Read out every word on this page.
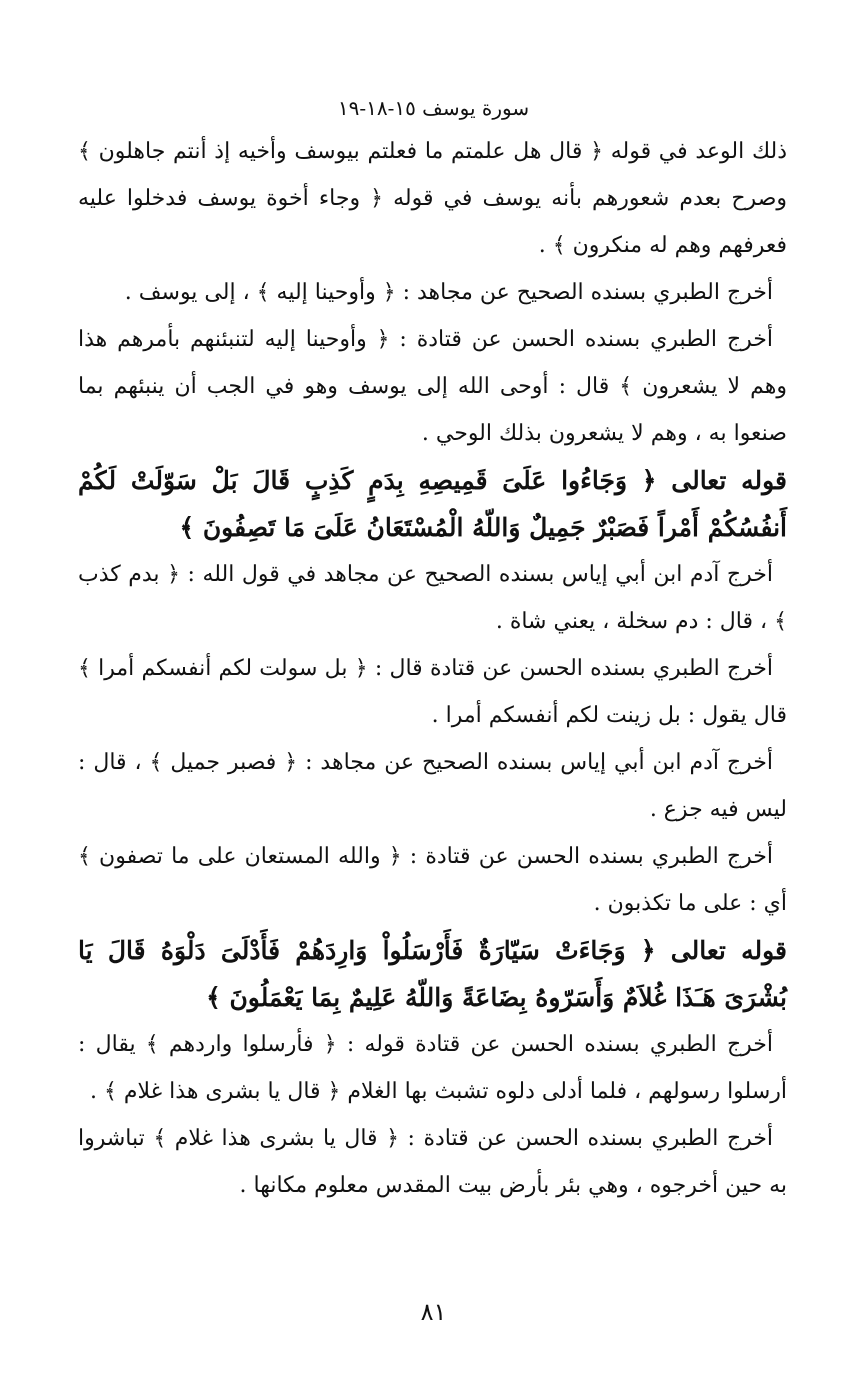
سورة يوسف ١٥-١٨-١٩

ذلك الوعد في قوله ﴿ قال هل علمتم ما فعلتم بيوسف وأخيه إذ أنتم جاهلون ﴾ وصرح بعدم شعورهم بأنه يوسف في قوله ﴿ وجاء أخوة يوسف فدخلوا عليه فعرفهم وهم له منكرون ﴾ .

أخرج الطبري بسنده الصحيح عن مجاهد : ﴿ وأوحينا إليه ﴾ ، إلى يوسف .

أخرج الطبري بسنده الحسن عن قتادة : ﴿ وأوحينا إليه لتنبئنهم بأمرهم هذا وهم لا يشعرون ﴾ قال : أوحى الله إلى يوسف وهو في الجب أن ينبئهم بما صنعوا به ، وهم لا يشعرون بذلك الوحي .

قوله تعالى ﴿ وَجَاءُوا عَلَىَ قَمِيصِهِ بِدَمٍ كَذِبٍ قَالَ بَلْ سَوّلَتْ لَكُمْ أَنفُسُكُمْ أَمْراً فَصَبْرٌ جَمِيلٌ وَاللّهُ الْمُسْتَعَانُ عَلَىَ مَا تَصِفُونَ ﴾

أخرج آدم ابن أبي إياس بسنده الصحيح عن مجاهد في قول الله : ﴿ بدم كذب ﴾ ، قال : دم سخلة ، يعني شاة .

أخرج الطبري بسنده الحسن عن قتادة قال : ﴿ بل سولت لكم أنفسكم أمرا ﴾ قال يقول : بل زينت لكم أنفسكم أمرا .

أخرج آدم ابن أبي إياس بسنده الصحيح عن مجاهد : ﴿ فصبر جميل ﴾ ، قال : ليس فيه جزع .

أخرج الطبري بسنده الحسن عن قتادة : ﴿ والله المستعان على ما تصفون ﴾ أي : على ما تكذبون .

قوله تعالى ﴿ وَجَاءَتْ سَيّارَةٌ فَأَرْسَلُواْ وَارِدَهُمْ فَأَدْلَىَ دَلْوَهُ قَالَ يَا بُشْرَىَ هَـَذَا غُلاَمٌ وَأَسَرّوهُ بِضَاعَةً وَاللّهُ عَلِيمٌ بِمَا يَعْمَلُونَ ﴾

أخرج الطبري بسنده الحسن عن قتادة قوله : ﴿ فأرسلوا واردهم ﴾ يقال : أرسلوا رسولهم ، فلما أدلى دلوه تشبث بها الغلام ﴿ قال يا بشرى هذا غلام ﴾ .

أخرج الطبري بسنده الحسن عن قتادة : ﴿ قال يا بشرى هذا غلام ﴾ تباشروا به حين أخرجوه ، وهي بئر بأرض بيت المقدس معلوم مكانها .

٨١
